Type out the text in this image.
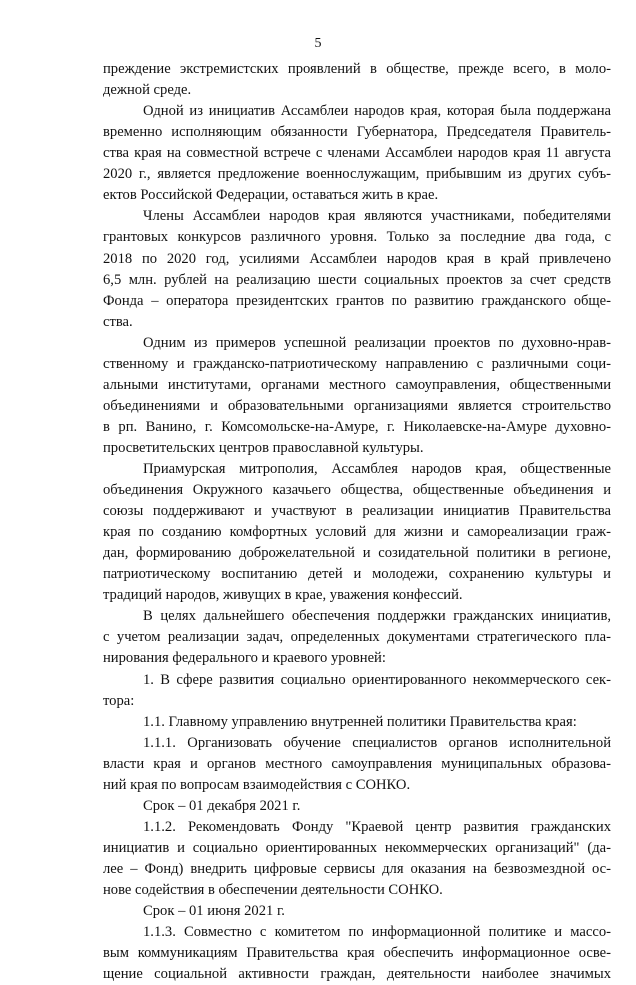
5
преждение экстремистских проявлений в обществе, прежде всего, в моло-
дежной среде.
Одной из инициатив Ассамблеи народов края, которая была поддержана
временно исполняющим обязанности Губернатора, Председателя Правитель-
ства края на совместной встрече с членами Ассамблеи народов края 11 августа
2020 г., является предложение военнослужащим, прибывшим из других субъ-
ектов Российской Федерации, оставаться жить в крае.
Члены Ассамблеи народов края являются участниками, победителями
грантовых конкурсов различного уровня. Только за последние два года, с
2018 по 2020 год, усилиями Ассамблеи народов края в край привлечено
6,5 млн. рублей на реализацию шести социальных проектов за счет средств
Фонда – оператора президентских грантов по развитию гражданского обще-
ства.
Одним из примеров успешной реализации проектов по духовно-нрав-
ственному и гражданско-патриотическому направлению с различными соци-
альными институтами, органами местного самоуправления, общественными
объединениями и образовательными организациями является строительство
в рп. Ванино, г. Комсомольске-на-Амуре, г. Николаевске-на-Амуре духовно-
просветительских центров православной культуры.
Приамурская митрополия, Ассамблея народов края, общественные
объединения Окружного казачьего общества, общественные объединения и
союзы поддерживают и участвуют в реализации инициатив Правительства
края по созданию комфортных условий для жизни и самореализации граж-
дан, формированию доброжелательной и созидательной политики в регионе,
патриотическому воспитанию детей и молодежи, сохранению культуры и
традиций народов, живущих в крае, уважения конфессий.
В целях дальнейшего обеспечения поддержки гражданских инициатив,
с учетом реализации задач, определенных документами стратегического пла-
нирования федерального и краевого уровней:
1. В сфере развития социально ориентированного некоммерческого сек-
тора:
1.1. Главному управлению внутренней политики Правительства края:
1.1.1. Организовать обучение специалистов органов исполнительной
власти края и органов местного самоуправления муниципальных образова-
ний края по вопросам взаимодействия с СОНКО.
Срок – 01 декабря 2021 г.
1.1.2. Рекомендовать Фонду "Краевой центр развития гражданских
инициатив и социально ориентированных некоммерческих организаций" (да-
лее – Фонд) внедрить цифровые сервисы для оказания на безвозмездной ос-
нове содействия в обеспечении деятельности СОНКО.
Срок – 01 июня 2021 г.
1.1.3. Совместно с комитетом по информационной политике и массо-
вым коммуникациям Правительства края обеспечить информационное осве-
щение социальной активности граждан, деятельности наиболее значимых
